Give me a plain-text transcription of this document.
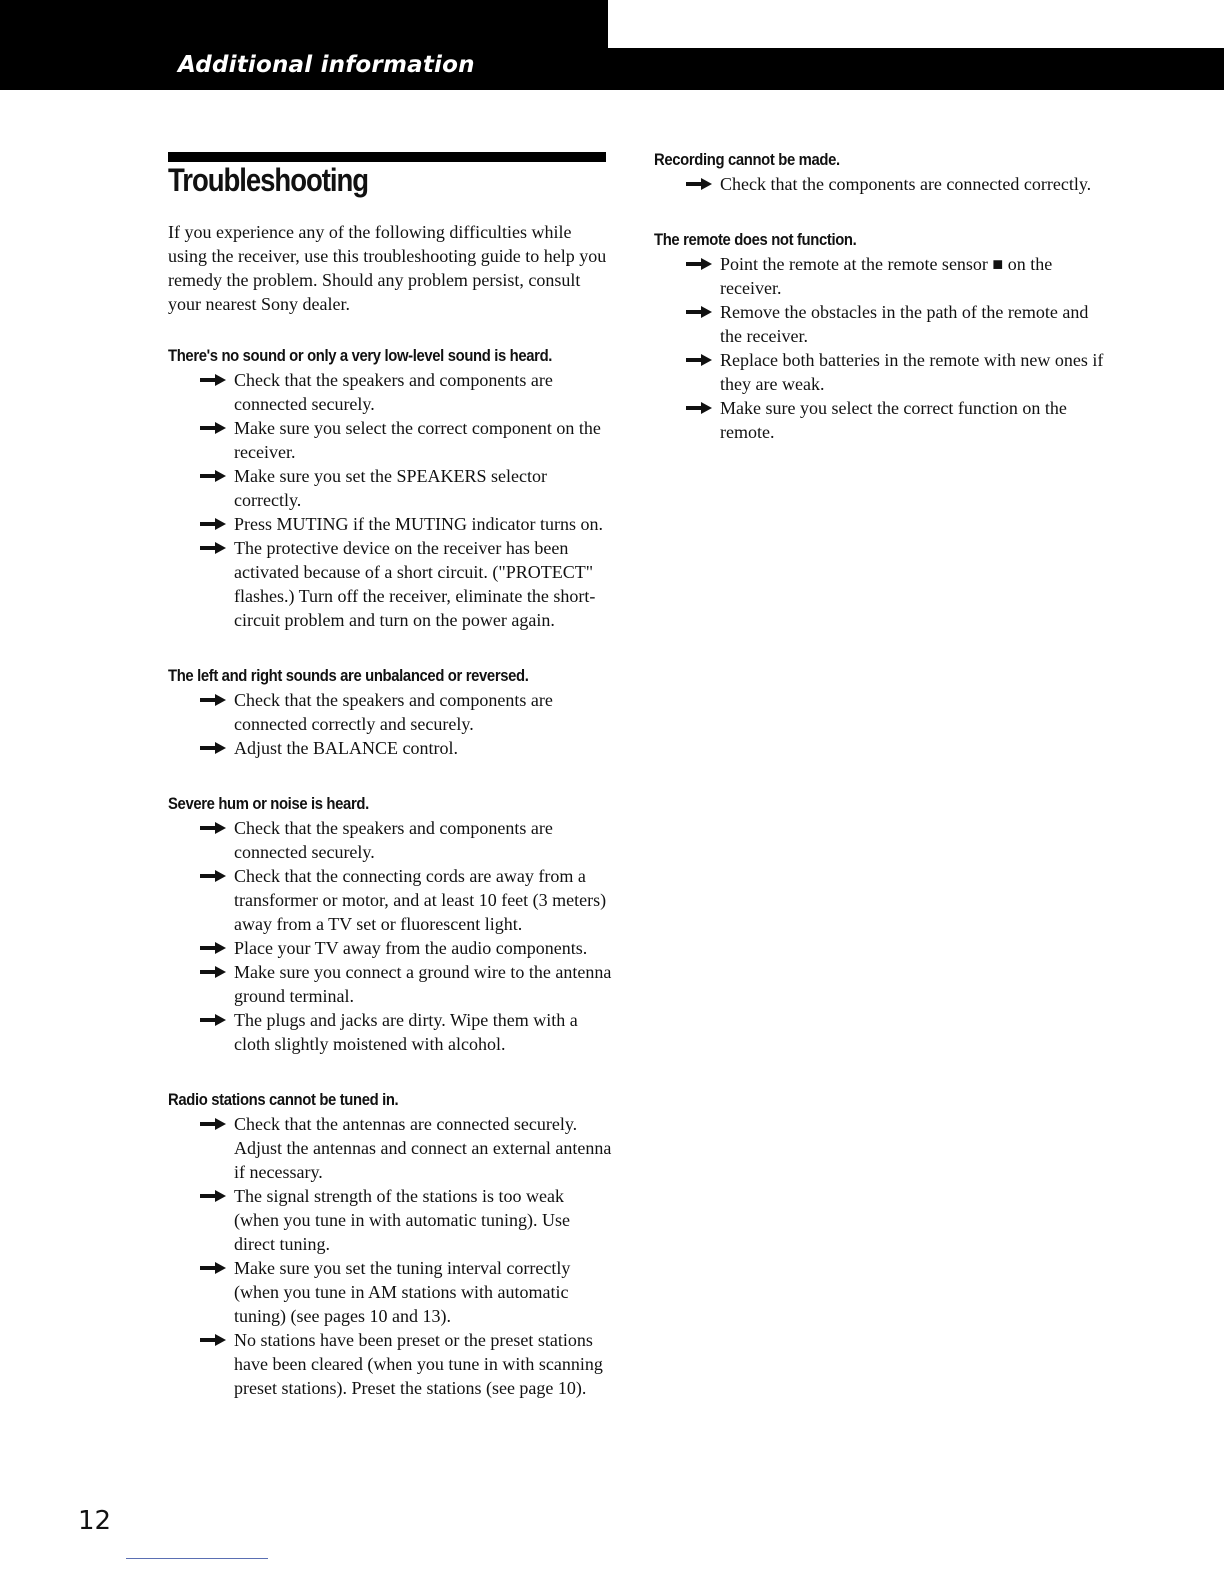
Additional information
Troubleshooting

If you experience any of the following difficulties while using the receiver, use this troubleshooting guide to help you remedy the problem. Should any problem persist, consult your nearest Sony dealer.

There's no sound or only a very low-level sound is heard.
Check that the speakers and components are connected securely.
Make sure you select the correct component on the receiver.
Make sure you set the SPEAKERS selector correctly.
Press MUTING if the MUTING indicator turns on.
The protective device on the receiver has been activated because of a short circuit. ("PROTECT" flashes.) Turn off the receiver, eliminate the short-circuit problem and turn on the power again.
The left and right sounds are unbalanced or reversed.
Check that the speakers and components are connected correctly and securely.
Adjust the BALANCE control.
Severe hum or noise is heard.
Check that the speakers and components are connected securely.
Check that the connecting cords are away from a transformer or motor, and at least 10 feet (3 meters) away from a TV set or fluorescent light.
Place your TV away from the audio components.
Make sure you connect a ground wire to the antenna ground terminal.
The plugs and jacks are dirty. Wipe them with a cloth slightly moistened with alcohol.
Radio stations cannot be tuned in.
Check that the antennas are connected securely. Adjust the antennas and connect an external antenna if necessary.
The signal strength of the stations is too weak (when you tune in with automatic tuning). Use direct tuning.
Make sure you set the tuning interval correctly (when you tune in AM stations with automatic tuning) (see pages 10 and 13).
No stations have been preset or the preset stations have been cleared (when you tune in with scanning preset stations). Preset the stations (see page 10).
Recording cannot be made.
Check that the components are connected correctly.
The remote does not function.
Point the remote at the remote sensor ■ on the receiver.
Remove the obstacles in the path of the remote and the receiver.
Replace both batteries in the remote with new ones if they are weak.
Make sure you select the correct function on the remote.

12
